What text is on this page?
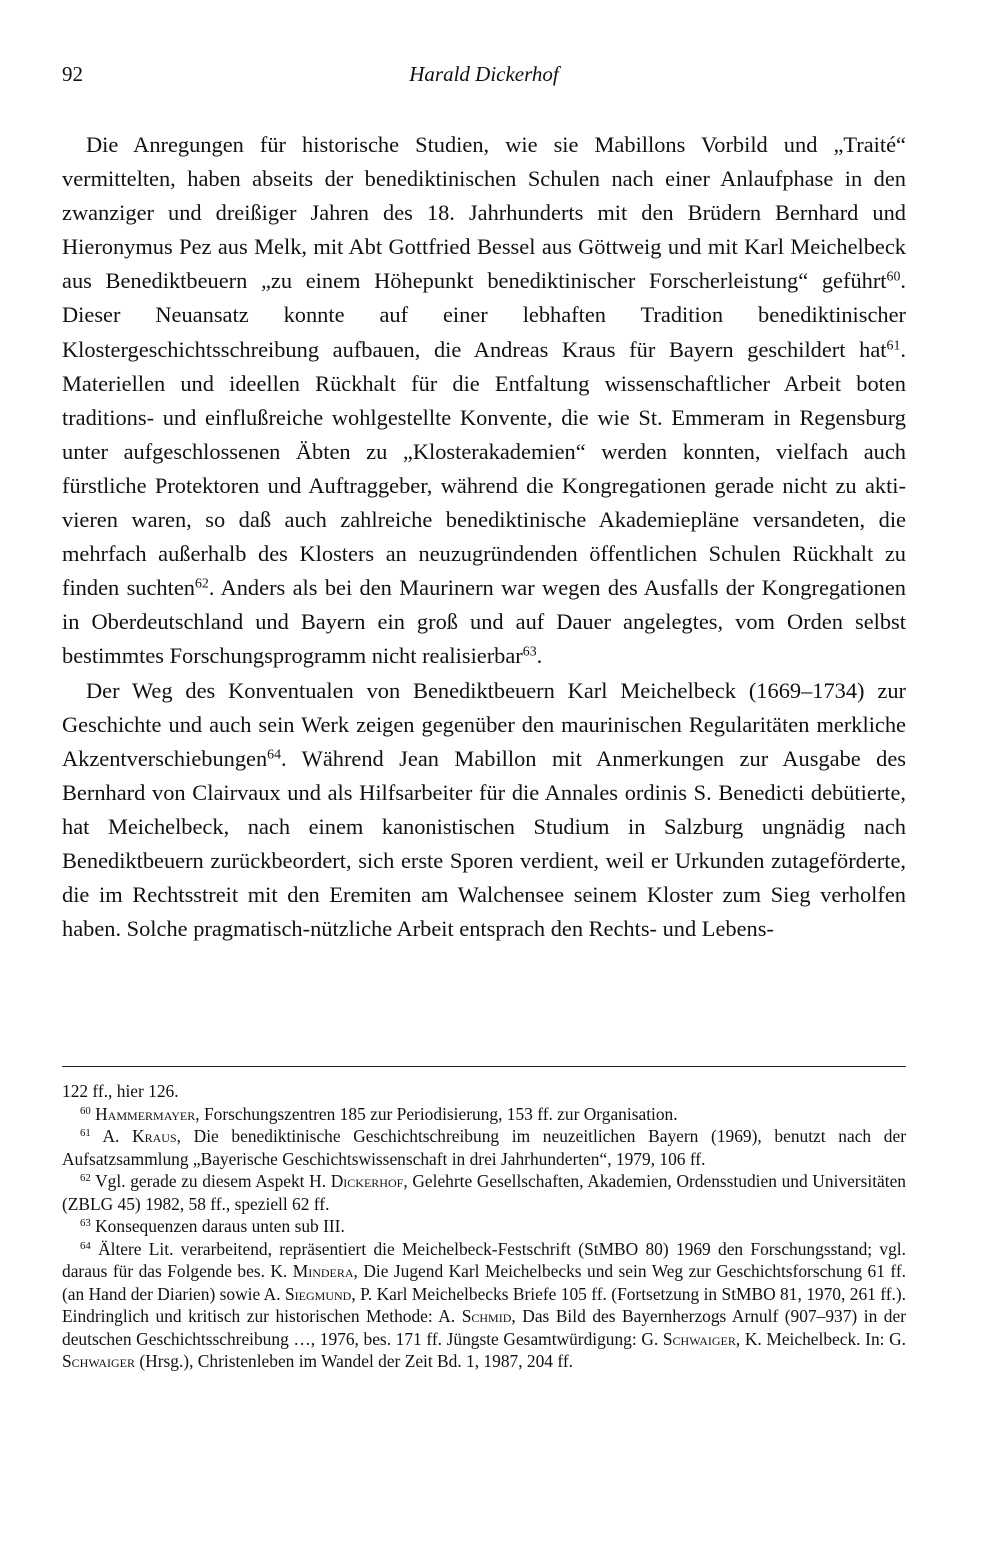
92	Harald Dickerhof

Die Anregungen für historische Studien, wie sie Mabillons Vorbild und „Traité“ vermittelten, haben abseits der benediktinischen Schulen nach einer Anlaufphase in den zwanziger und dreißiger Jahren des 18. Jahrhunderts mit den Brüdern Bernhard und Hieronymus Pez aus Melk, mit Abt Gottfried Bessel aus Göttweig und mit Karl Meichelbeck aus Benediktbeuern „zu einem Höhepunkt benediktinischer Forscherleistung“ geführt$^{60}$. Dieser Neuansatz konnte auf einer lebhaften Tradition benediktinischer Klostergeschichtsschreibung aufbauen, die Andreas Kraus für Bayern geschildert hat$^{61}$. Materiellen und ideellen Rückhalt für die Entfaltung wissenschaftlicher Arbeit boten traditions- und einflußreiche wohlgestellte Konvente, die wie St. Emmeram in Regensburg unter aufgeschlossenen Äbten zu „Klosterakademien“ werden konnten, vielfach auch fürstliche Protektoren und Auftraggeber, während die Kongregationen gerade nicht zu aktivieren waren, so daß auch zahlreiche benediktinische Akademiepläne versandeten, die mehrfach außerhalb des Klosters an neuzugründenden öffentlichen Schulen Rückhalt zu finden suchten$^{62}$. Anders als bei den Maurinern war wegen des Ausfalls der Kongregationen in Oberdeutschland und Bayern ein groß und auf Dauer angelegtes, vom Orden selbst bestimmtes Forschungsprogramm nicht realisierbar$^{63}$.

Der Weg des Konventualen von Benediktbeuern Karl Meichelbeck (1669–1734) zur Geschichte und auch sein Werk zeigen gegenüber den maurinischen Regularitäten merkliche Akzentverschiebungen$^{64}$. Während Jean Mabillon mit Anmerkungen zur Ausgabe des Bernhard von Clairvaux und als Hilfsarbeiter für die Annales ordinis S. Benedicti debütierte, hat Meichelbeck, nach einem kanonistischen Studium in Salzburg ungnädig nach Benediktbeuern zurückbeordert, sich erste Sporen verdient, weil er Urkunden zutageförderte, die im Rechtsstreit mit den Eremiten am Walchensee seinem Kloster zum Sieg verholfen haben. Solche pragmatisch-nützliche Arbeit entsprach den Rechts- und Lebens-

122 ff., hier 126.

$^{60}$ Hammermayer, Forschungszentren 185 zur Periodisierung, 153 ff. zur Organisation.

$^{61}$ A. Kraus, Die benediktinische Geschichtschreibung im neuzeitlichen Bayern (1969), benutzt nach der Aufsatzsammlung „Bayerische Geschichtswissenschaft in drei Jahrhunderten“, 1979, 106 ff.

$^{62}$ Vgl. gerade zu diesem Aspekt H. Dickerhof, Gelehrte Gesellschaften, Akademien, Ordensstudien und Universitäten (ZBLG 45) 1982, 58 ff., speziell 62 ff.

$^{63}$ Konsequenzen daraus unten sub III.

$^{64}$ Ältere Lit. verarbeitend, repräsentiert die Meichelbeck-Festschrift (StMBO 80) 1969 den Forschungsstand; vgl. daraus für das Folgende bes. K. Mindera, Die Jugend Karl Meichelbecks und sein Weg zur Geschichtsforschung 61 ff. (an Hand der Diarien) sowie A. Siegmund, P. Karl Meichelbecks Briefe 105 ff. (Fortsetzung in StMBO 81, 1970, 261 ff.). Eindringlich und kritisch zur historischen Methode: A. Schmid, Das Bild des Bayernherzogs Arnulf (907–937) in der deutschen Geschichtsschreibung …, 1976, bes. 171 ff. Jüngste Gesamtwürdigung: G. Schwaiger, K. Meichelbeck. In: G. Schwaiger (Hrsg.), Christenleben im Wandel der Zeit Bd. 1, 1987, 204 ff.
